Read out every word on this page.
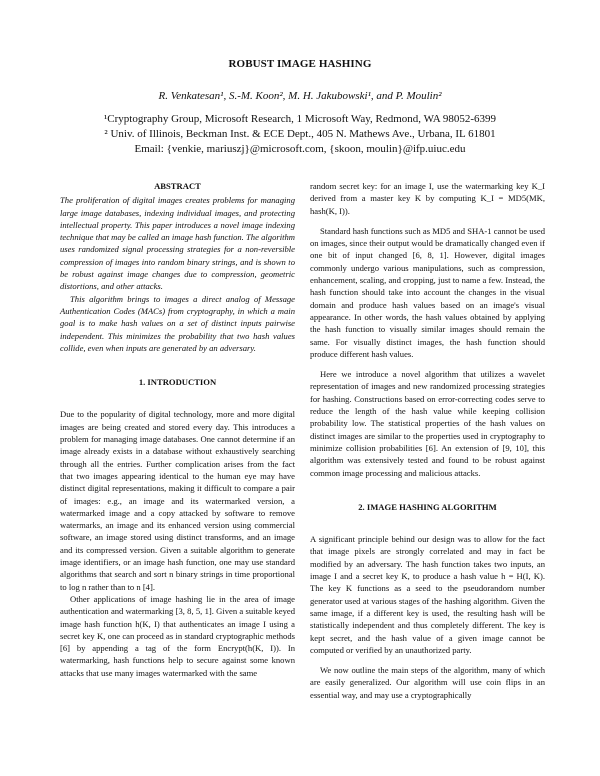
ROBUST IMAGE HASHING
R. Venkatesan¹, S.-M. Koon², M. H. Jakubowski¹, and P. Moulin²
¹Cryptography Group, Microsoft Research, 1 Microsoft Way, Redmond, WA 98052-6399
² Univ. of Illinois, Beckman Inst. & ECE Dept., 405 N. Mathews Ave., Urbana, IL 61801
Email: {venkie, mariuszj}@microsoft.com, {skoon, moulin}@ifp.uiuc.edu
ABSTRACT

The proliferation of digital images creates problems for managing large image databases, indexing individual images, and protecting intellectual property. This paper introduces a novel image indexing technique that may be called an image hash function. The algorithm uses randomized signal processing strategies for a non-reversible compression of images into random binary strings, and is shown to be robust against image changes due to compression, geometric distortions, and other attacks.

This algorithm brings to images a direct analog of Message Authentication Codes (MACs) from cryptography, in which a main goal is to make hash values on a set of distinct inputs pairwise independent. This minimizes the probability that two hash values collide, even when inputs are generated by an adversary.

1. INTRODUCTION

Due to the popularity of digital technology, more and more digital images are being created and stored every day. This introduces a problem for managing image databases. One cannot determine if an image already exists in a database without exhaustively searching through all the entries. Further complication arises from the fact that two images appearing identical to the human eye may have distinct digital representations, making it difficult to compare a pair of images: e.g., an image and its watermarked version, a watermarked image and a copy attacked by software to remove watermarks, an image and its enhanced version using commercial software, an image stored using distinct transforms, and an image and its compressed version. Given a suitable algorithm to generate image identifiers, or an image hash function, one may use standard algorithms that search and sort n binary strings in time proportional to log n rather than to n [4].

Other applications of image hashing lie in the area of image authentication and watermarking [3, 8, 5, 1]. Given a suitable keyed image hash function h(K, I) that authenticates an image I using a secret key K, one can proceed as in standard cryptographic methods [6] by appending a tag of the form Encrypt(h(K, I)). In watermarking, hash functions help to secure against some known attacks that use many images watermarked with the same

random secret key: for an image I, use the watermarking key K_I derived from a master key K by computing K_I = MD5(MK, hash(K, I)).

Standard hash functions such as MD5 and SHA-1 cannot be used on images, since their output would be dramatically changed even if one bit of input changed [6, 8, 1]. However, digital images commonly undergo various manipulations, such as compression, enhancement, scaling, and cropping, just to name a few. Instead, the hash function should take into account the changes in the visual domain and produce hash values based on an image's visual appearance. In other words, the hash values obtained by applying the hash function to visually similar images should remain the same. For visually distinct images, the hash function should produce different hash values.

Here we introduce a novel algorithm that utilizes a wavelet representation of images and new randomized processing strategies for hashing. Constructions based on error-correcting codes serve to reduce the length of the hash value while keeping collision probability low. The statistical properties of the hash values on distinct images are similar to the properties used in cryptography to minimize collision probabilities [6]. An extension of [9, 10], this algorithm was extensively tested and found to be robust against common image processing and malicious attacks.

2. IMAGE HASHING ALGORITHM

A significant principle behind our design was to allow for the fact that image pixels are strongly correlated and may in fact be modified by an adversary. The hash function takes two inputs, an image I and a secret key K, to produce a hash value h = H(I, K). The key K functions as a seed to the pseudorandom number generator used at various stages of the hashing algorithm. Given the same image, if a different key is used, the resulting hash will be statistically independent and thus completely different. The key is kept secret, and the hash value of a given image cannot be computed or verified by an unauthorized party.

We now outline the main steps of the algorithm, many of which are easily generalized. Our algorithm will use coin flips in an essential way, and may use a cryptographically
